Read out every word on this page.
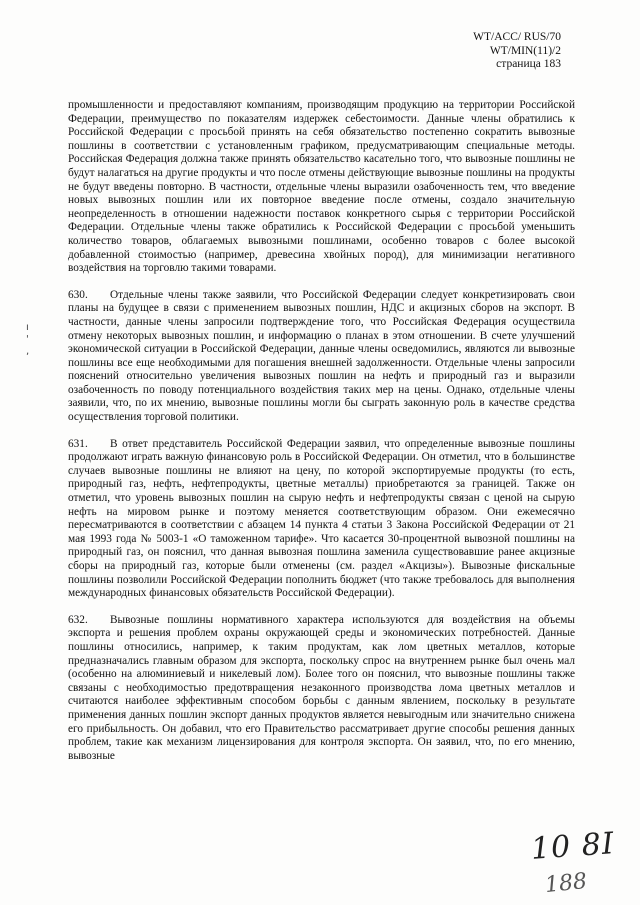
WT/ACC/ RUS/70
WT/MIN(11)/2
страница 183
ı
'
,

промышленности и предоставляют компаниям, производящим продукцию на территории Российской Федерации, преимущество по показателям издержек себестоимости. Данные члены обратились к Российской Федерации с просьбой принять на себя обязательство постепенно сократить вывозные пошлины в соответствии с установленным графиком, предусматривающим специальные методы. Российская Федерация должна также принять обязательство касательно того, что вывозные пошлины не будут налагаться на другие продукты и что после отмены действующие вывозные пошлины на продукты не будут введены повторно. В частности, отдельные члены выразили озабоченность тем, что введение новых вывозных пошлин или их повторное введение после отмены, создало значительную неопределенность в отношении надежности поставок конкретного сырья с территории Российской Федерации. Отдельные члены также обратились к Российской Федерации с просьбой уменьшить количество товаров, облагаемых вывозными пошлинами, особенно товаров с более высокой добавленной стоимостью (например, древесина хвойных пород), для минимизации негативного воздействия на торговлю такими товарами.

630. Отдельные члены также заявили, что Российской Федерации следует конкретизировать свои планы на будущее в связи с применением вывозных пошлин, НДС и акцизных сборов на экспорт. В частности, данные члены запросили подтверждение того, что Российская Федерация осуществила отмену некоторых вывозных пошлин, и информацию о планах в этом отношении. В счете улучшений экономической ситуации в Российской Федерации, данные члены осведомились, являются ли вывозные пошлины все еще необходимыми для погашения внешней задолженности. Отдельные члены запросили пояснений относительно увеличения вывозных пошлин на нефть и природный газ и выразили озабоченность по поводу потенциального воздействия таких мер на цены. Однако, отдельные члены заявили, что, по их мнению, вывозные пошлины могли бы сыграть законную роль в качестве средства осуществления торговой политики.

631. В ответ представитель Российской Федерации заявил, что определенные вывозные пошлины продолжают играть важную финансовую роль в Российской Федерации. Он отметил, что в большинстве случаев вывозные пошлины не влияют на цену, по которой экспортируемые продукты (то есть, природный газ, нефть, нефтепродукты, цветные металлы) приобретаются за границей. Также он отметил, что уровень вывозных пошлин на сырую нефть и нефтепродукты связан с ценой на сырую нефть на мировом рынке и поэтому меняется соответствующим образом. Они ежемесячно пересматриваются в соответствии с абзацем 14 пункта 4 статьи 3 Закона Российской Федерации от 21 мая 1993 года № 5003-1 «О таможенном тарифе». Что касается 30-процентной вывозной пошлины на природный газ, он пояснил, что данная вывозная пошлина заменила существовавшие ранее акцизные сборы на природный газ, которые были отменены (см. раздел «Акцизы»). Вывозные фискальные пошлины позволили Российской Федерации пополнить бюджет (что также требовалось для выполнения международных финансовых обязательств Российской Федерации).

632. Вывозные пошлины нормативного характера используются для воздействия на объемы экспорта и решения проблем охраны окружающей среды и экономических потребностей. Данные пошлины относились, например, к таким продуктам, как лом цветных металлов, которые предназначались главным образом для экспорта, поскольку спрос на внутреннем рынке был очень мал (особенно на алюминиевый и никелевый лом). Более того он пояснил, что вывозные пошлины также связаны с необходимостью предотвращения незаконного производства лома цветных металлов и считаются наиболее эффективным способом борьбы с данным явлением, поскольку в результате применения данных пошлин экспорт данных продуктов является невыгодным или значительно снижена его прибыльность. Он добавил, что его Правительство рассматривает другие способы решения данных проблем, такие как механизм лицензирования для контроля экспорта. Он заявил, что, по его мнению, вывозные

10 8I
188
